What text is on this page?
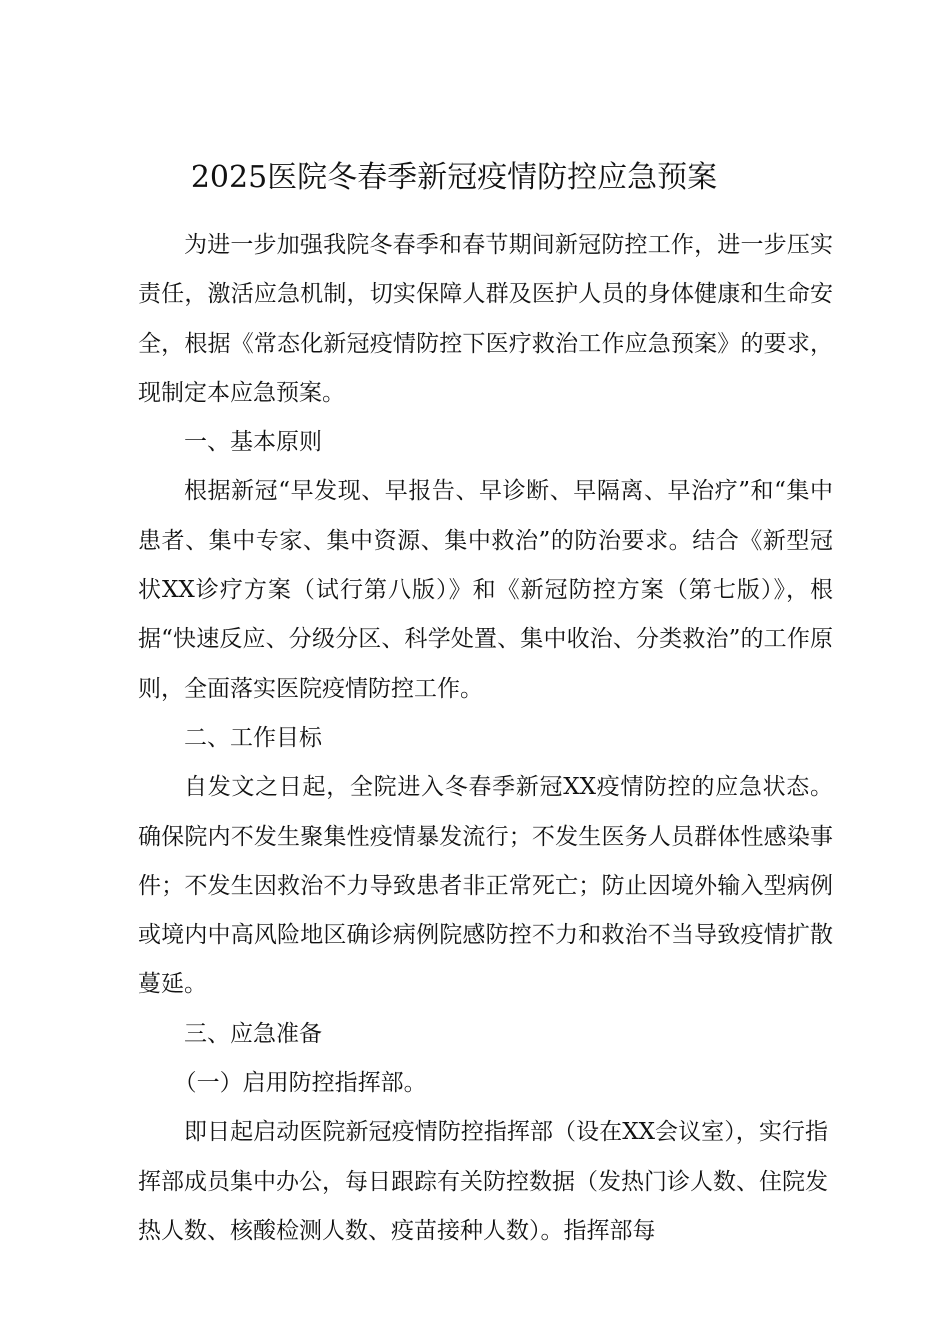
2025医院冬春季新冠疫情防控应急预案

为进一步加强我院冬春季和春节期间新冠防控工作，进一步压实责任，激活应急机制，切实保障人群及医护人员的身体健康和生命安全，根据《常态化新冠疫情防控下医疗救治工作应急预案》的要求，现制定本应急预案。

一、基本原则

根据新冠“早发现、早报告、早诊断、早隔离、早治疗”和“集中患者、集中专家、集中资源、集中救治”的防治要求。结合《新型冠状XX诊疗方案（试行第八版）》和《新冠防控方案（第七版）》，根据“快速反应、分级分区、科学处置、集中收治、分类救治”的工作原则，全面落实医院疫情防控工作。

二、工作目标

自发文之日起，全院进入冬春季新冠XX疫情防控的应急状态。确保院内不发生聚集性疫情暴发流行；不发生医务人员群体性感染事件；不发生因救治不力导致患者非正常死亡；防止因境外输入型病例或境内中高风险地区确诊病例院感防控不力和救治不当导致疫情扩散蔓延。

三、应急准备

（一）启用防控指挥部。

即日起启动医院新冠疫情防控指挥部（设在XX会议室），实行指挥部成员集中办公，每日跟踪有关防控数据（发热门诊人数、住院发热人数、核酸检测人数、疫苗接种人数）。指挥部每
